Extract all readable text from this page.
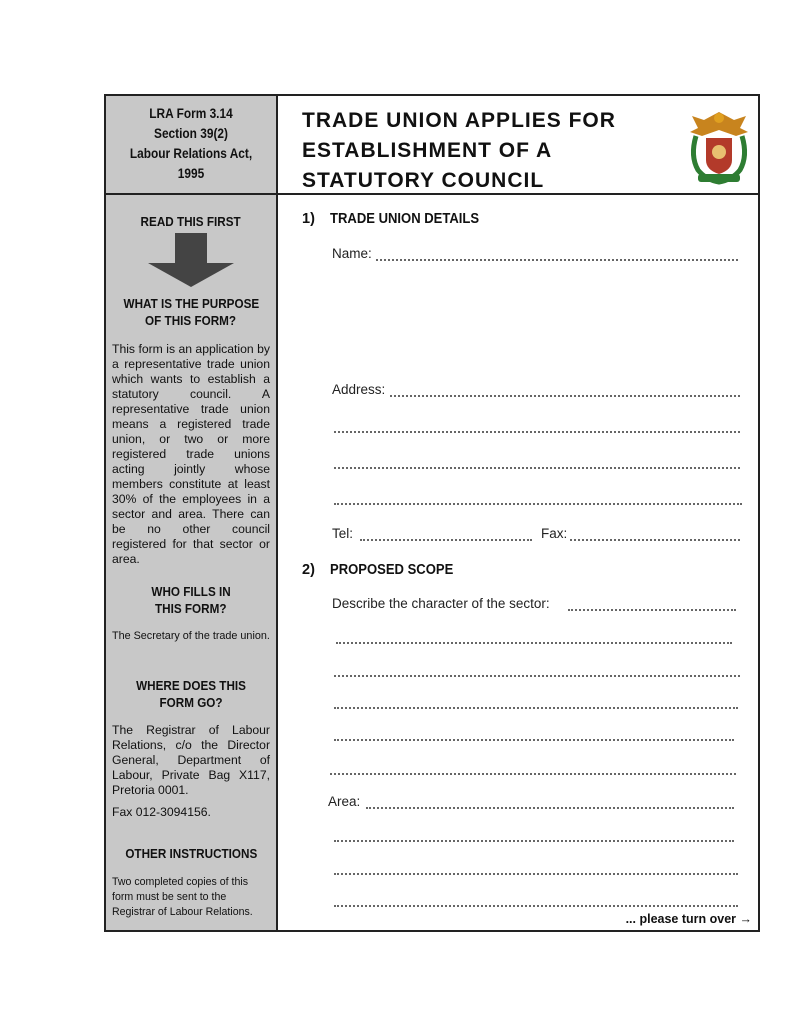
LRA Form 3.14
Section 39(2)
Labour Relations Act,
1995
TRADE UNION APPLIES FOR
ESTABLISHMENT OF A
STATUTORY COUNCIL
READ THIS FIRST
WHAT IS THE PURPOSE
OF THIS FORM?
This form is an application by a representative trade union which wants to establish a statutory council. A representative trade union means a registered trade union, or two or more registered trade unions acting jointly whose members constitute at least 30% of the employees in a sector and area. There can be no other council registered for that sector or area.
WHO FILLS IN
THIS FORM?
The Secretary of the trade union.
WHERE DOES THIS
FORM GO?
The Registrar of Labour Relations, c/o the Director General, Department of Labour, Private Bag X117, Pretoria 0001.
Fax 012-3094156.
OTHER INSTRUCTIONS
Two completed copies of this
form must be sent to the
Registrar of Labour Relations.
1) TRADE UNION DETAILS
Name:
Address:
Tel:	Fax:
2) PROPOSED SCOPE
Describe the character of the sector:
Area:
... please turn over →
